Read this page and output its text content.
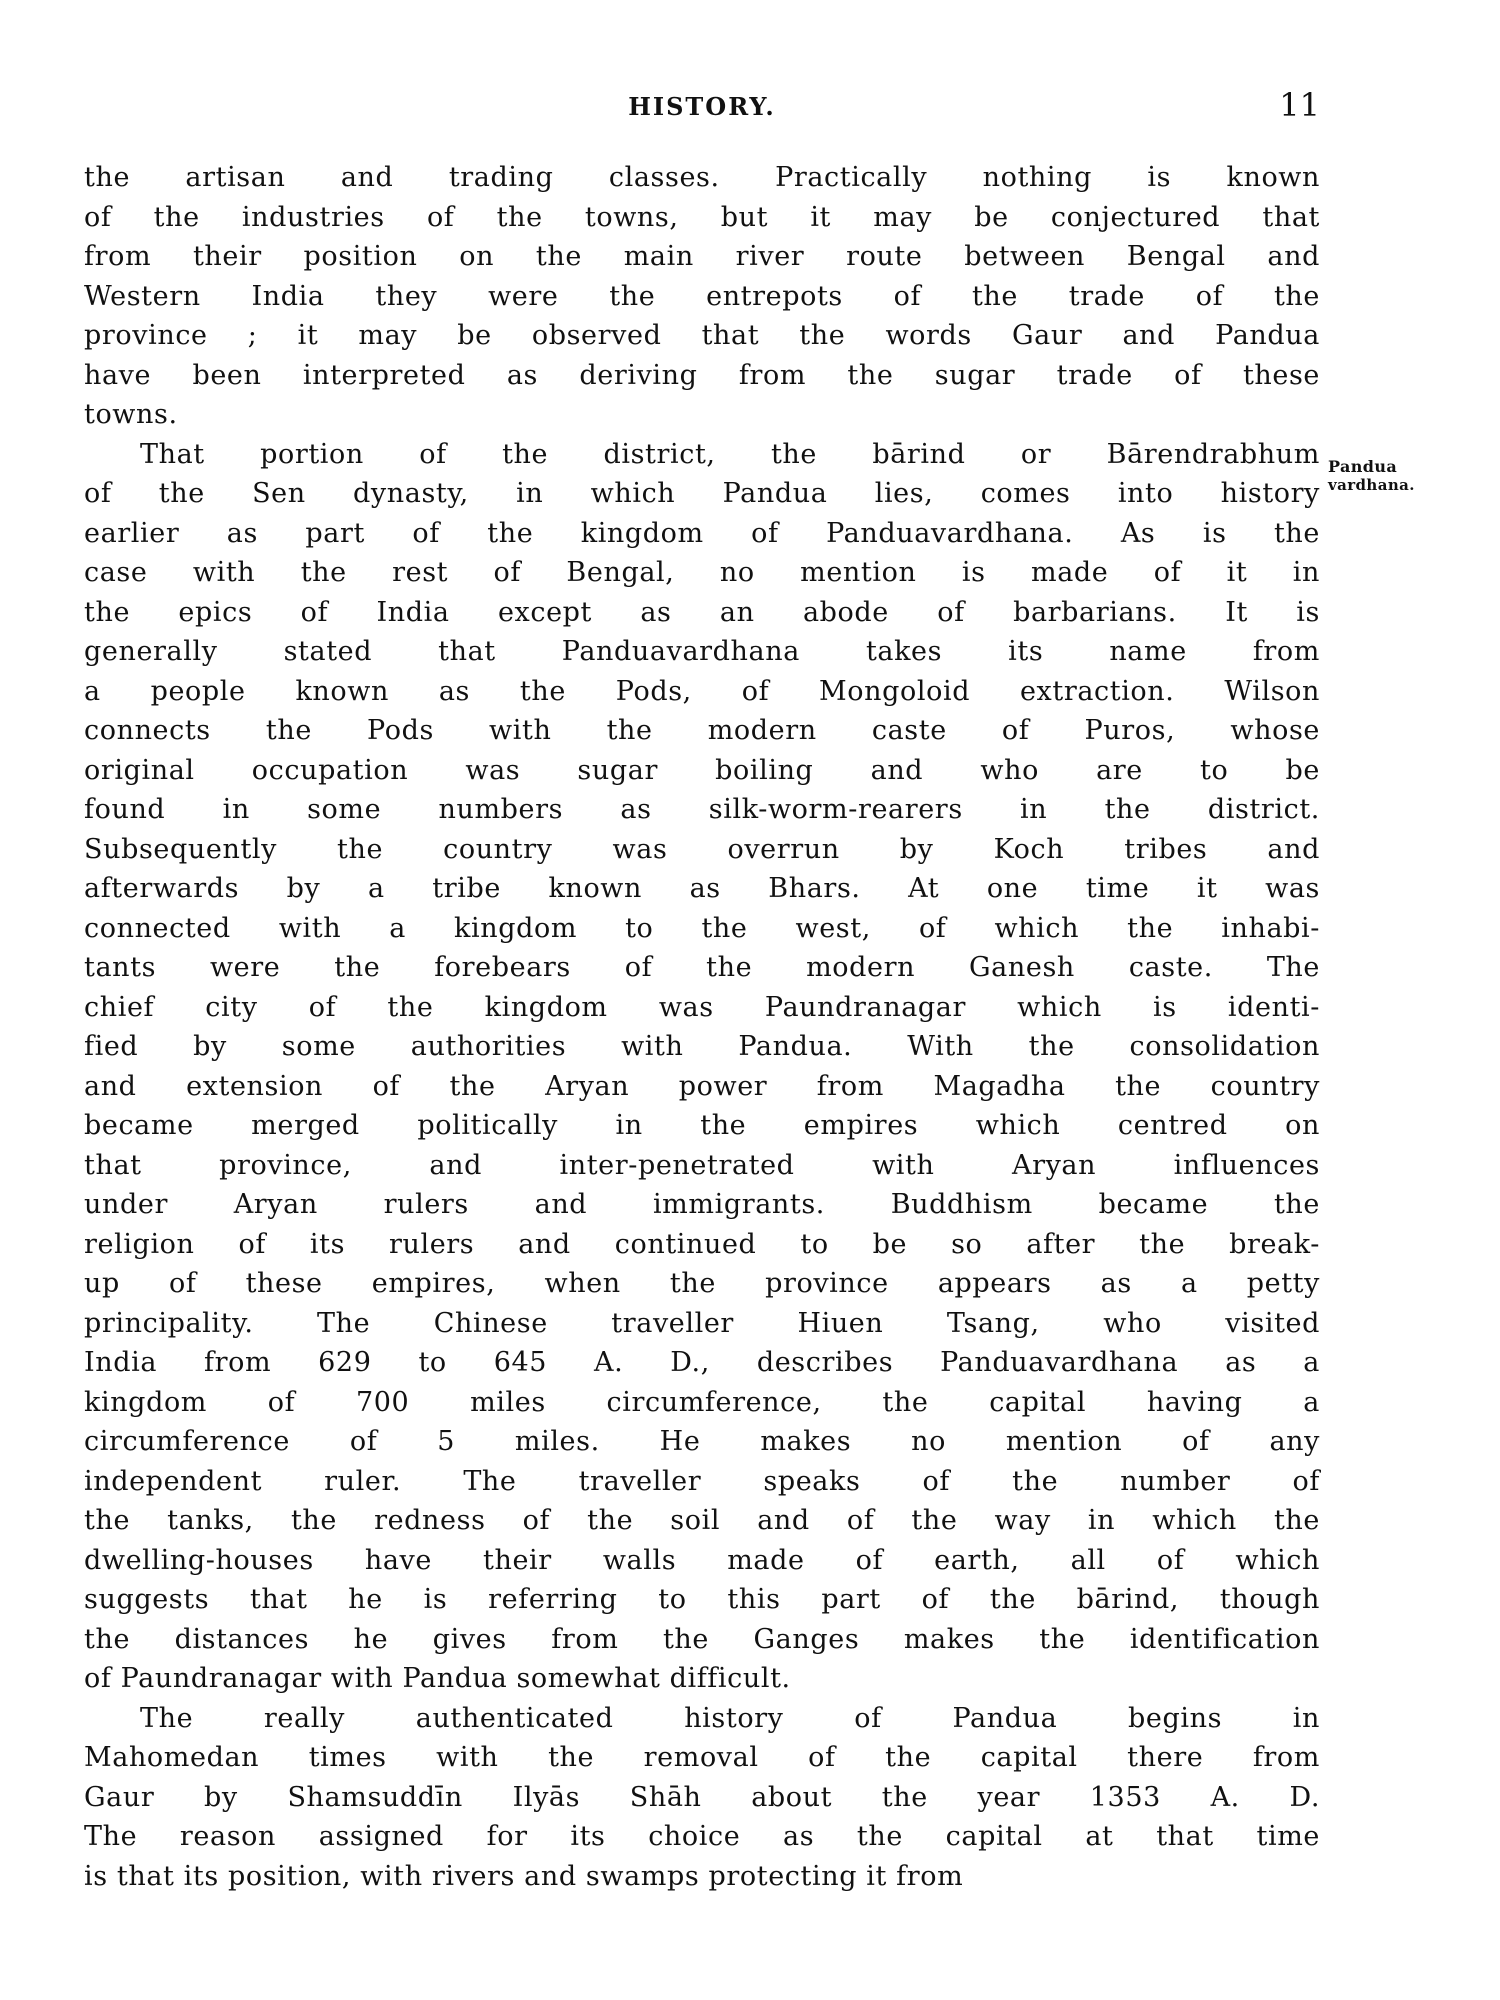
HISTORY.	11
Pandua
vardhana.
the artisan and trading classes. Practically nothing is known
of the industries of the towns, but it may be conjectured that
from their position on the main river route between Bengal and
Western India they were the entrepots of the trade of the
province ; it may be observed that the words Gaur and Pandua
have been interpreted as deriving from the sugar trade of these
towns.
That portion of the district, the bārind or Bārendrabhum
of the Sen dynasty, in which Pandua lies, comes into history
earlier as part of the kingdom of Panduavardhana. As is the
case with the rest of Bengal, no mention is made of it in
the epics of India except as an abode of barbarians. It is
generally stated that Panduavardhana takes its name from
a people known as the Pods, of Mongoloid extraction. Wilson
connects the Pods with the modern caste of Puros, whose
original occupation was sugar boiling and who are to be
found in some numbers as silk-worm-rearers in the district.
Subsequently the country was overrun by Koch tribes and
afterwards by a tribe known as Bhars. At one time it was
connected with a kingdom to the west, of which the inhabi-
tants were the forebears of the modern Ganesh caste. The
chief city of the kingdom was Paundranagar which is identi-
fied by some authorities with Pandua. With the consolidation
and extension of the Aryan power from Magadha the country
became merged politically in the empires which centred on
that province, and inter-penetrated with Aryan influences
under Aryan rulers and immigrants. Buddhism became the
religion of its rulers and continued to be so after the break-
up of these empires, when the province appears as a petty
principality. The Chinese traveller Hiuen Tsang, who visited
India from 629 to 645 A. D., describes Panduavardhana as a
kingdom of 700 miles circumference, the capital having a
circumference of 5 miles. He makes no mention of any
independent ruler. The traveller speaks of the number of
the tanks, the redness of the soil and of the way in which the
dwelling-houses have their walls made of earth, all of which
suggests that he is referring to this part of the bārind, though
the distances he gives from the Ganges makes the identification
of Paundranagar with Pandua somewhat difficult.
The really authenticated history of Pandua begins in
Mahomedan times with the removal of the capital there from
Gaur by Shamsuddīn Ilyās Shāh about the year 1353 A. D.
The reason assigned for its choice as the capital at that time
is that its position, with rivers and swamps protecting it from
